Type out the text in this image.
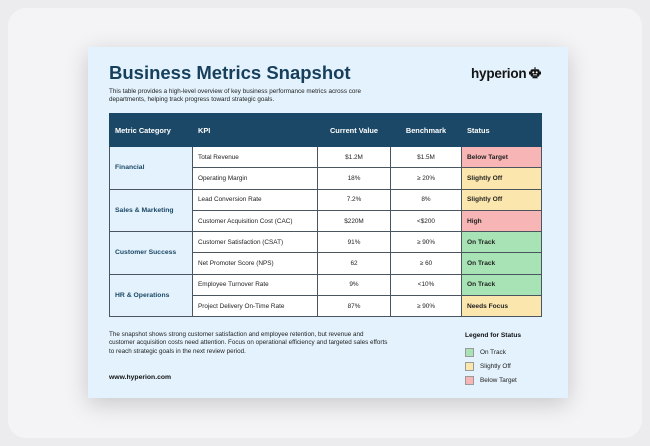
Business Metrics Snapshot	hyperion

This table provides a high-level overview of key business performance metrics across core departments, helping track progress toward strategic goals.

Metric Category	KPI	Current Value	Benchmark	Status
Financial	Total Revenue	$1.2M	$1.5M	Below Target
	Operating Margin	18%	≥ 20%	Slightly Off
Sales & Marketing	Lead Conversion Rate	7.2%	8%	Slightly Off
	Customer Acquisition Cost (CAC)	$220M	<$200	High
Customer Success	Customer Satisfaction (CSAT)	91%	≥ 90%	On Track
	Net Promoter Score (NPS)	62	≥ 60	On Track
HR & Operations	Employee Turnover Rate	9%	<10%	On Track
	Project Delivery On-Time Rate	87%	≥ 90%	Needs Focus

The snapshot shows strong customer satisfaction and employee retention, but revenue and customer acquisition costs need attention. Focus on operational efficiency and targeted sales efforts to reach strategic goals in the next review period.

www.hyperion.com
Legend for Status
On Track
Slightly Off
Below Target
